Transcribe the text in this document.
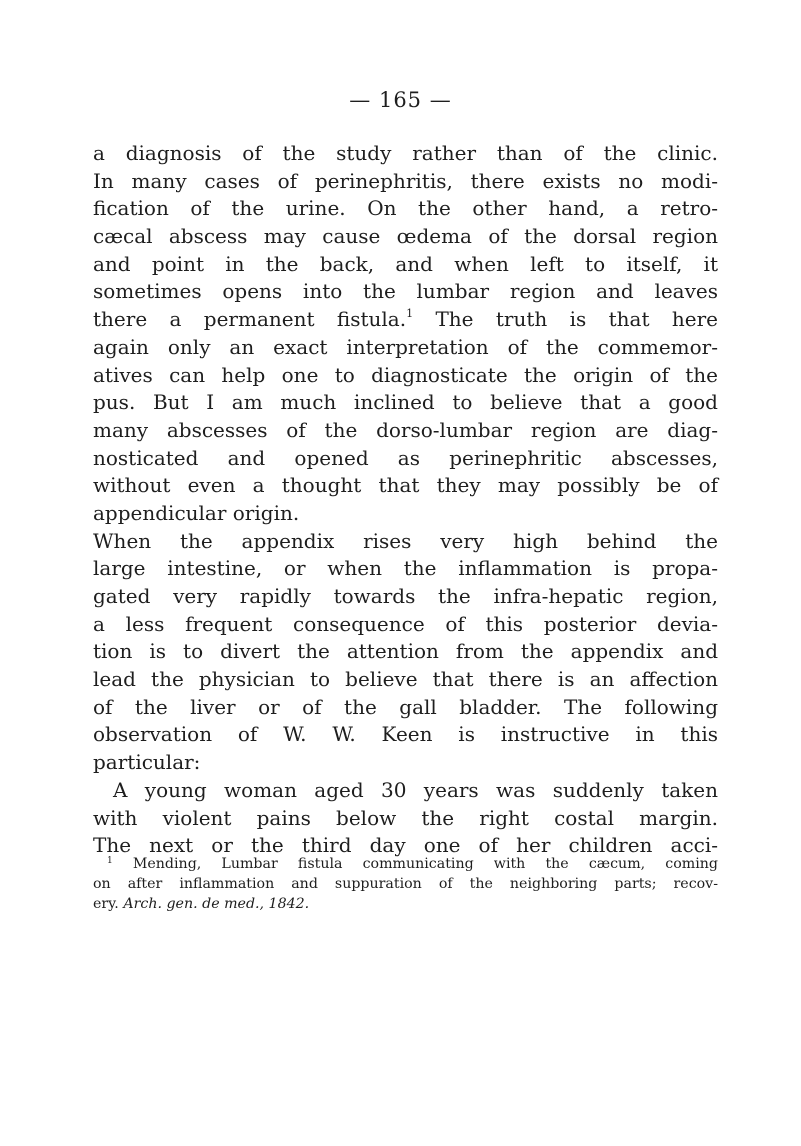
— 165 —
a diagnosis of the study rather than of the clinic.
In many cases of perinephritis, there exists no modi-
fication of the urine. On the other hand, a retro-
cæcal abscess may cause œdema of the dorsal region
and point in the back, and when left to itself, it
sometimes opens into the lumbar region and leaves
there a permanent fistula.$^1$ The truth is that here
again only an exact interpretation of the commemor-
atives can help one to diagnosticate the origin of the
pus. But I am much inclined to believe that a good
many abscesses of the dorso-lumbar region are diag-
nosticated and opened as perinephritic abscesses,
without even a thought that they may possibly be of
appendicular origin.
When the appendix rises very high behind the
large intestine, or when the inflammation is propa-
gated very rapidly towards the infra-hepatic region,
a less frequent consequence of this posterior devia-
tion is to divert the attention from the appendix and
lead the physician to believe that there is an affection
of the liver or of the gall bladder. The following
observation of W. W. Keen is instructive in this
particular:
A young woman aged 30 years was suddenly taken
with violent pains below the right costal margin.
The next or the third day one of her children acci-
$^1$ Mending, Lumbar fistula communicating with the cæcum, coming
on after inflammation and suppuration of the neighboring parts; recov-
ery. Arch. gen. de med., 1842.
